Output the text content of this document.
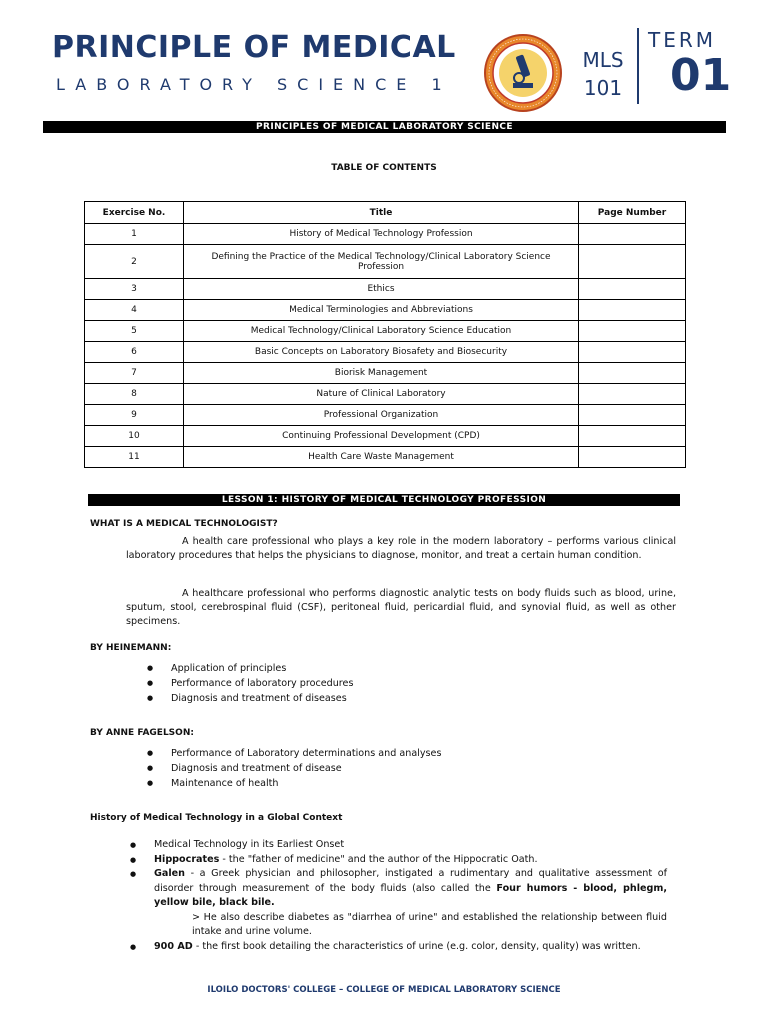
PRINCIPLE OF MEDICAL
LABORATORY SCIENCE 1
MLS
101
TERM
01
PRINCIPLES OF MEDICAL LABORATORY SCIENCE
TABLE OF CONTENTS
Exercise No.	Title	Page Number
1	History of Medical Technology Profession	
2	Defining the Practice of the Medical Technology/Clinical Laboratory Science Profession	
3	Ethics	
4	Medical Terminologies and Abbreviations	
5	Medical Technology/Clinical Laboratory Science Education	
6	Basic Concepts on Laboratory Biosafety and Biosecurity	
7	Biorisk Management	
8	Nature of Clinical Laboratory	
9	Professional Organization	
10	Continuing Professional Development (CPD)	
11	Health Care Waste Management	
LESSON 1: HISTORY OF MEDICAL TECHNOLOGY PROFESSION
WHAT IS A MEDICAL TECHNOLOGIST?
A health care professional who plays a key role in the modern laboratory – performs various clinical laboratory procedures that helps the physicians to diagnose, monitor, and treat a certain human condition.
A healthcare professional who performs diagnostic analytic tests on body fluids such as blood, urine, sputum, stool, cerebrospinal fluid (CSF), peritoneal fluid, pericardial fluid, and synovial fluid, as well as other specimens.
BY HEINEMANN:
● Application of principles
● Performance of laboratory procedures
● Diagnosis and treatment of diseases
BY ANNE FAGELSON:
● Performance of Laboratory determinations and analyses
● Diagnosis and treatment of disease
● Maintenance of health
History of Medical Technology in a Global Context
● Medical Technology in its Earliest Onset
● Hippocrates - the "father of medicine" and the author of the Hippocratic Oath.
● Galen - a Greek physician and philosopher, instigated a rudimentary and qualitative assessment of disorder through measurement of the body fluids (also called the Four humors - blood, phlegm, yellow bile, black bile.
> He also describe diabetes as "diarrhea of urine" and established the relationship between fluid intake and urine volume.
● 900 AD - the first book detailing the characteristics of urine (e.g. color, density, quality) was written.
ILOILO DOCTORS' COLLEGE – COLLEGE OF MEDICAL LABORATORY SCIENCE
